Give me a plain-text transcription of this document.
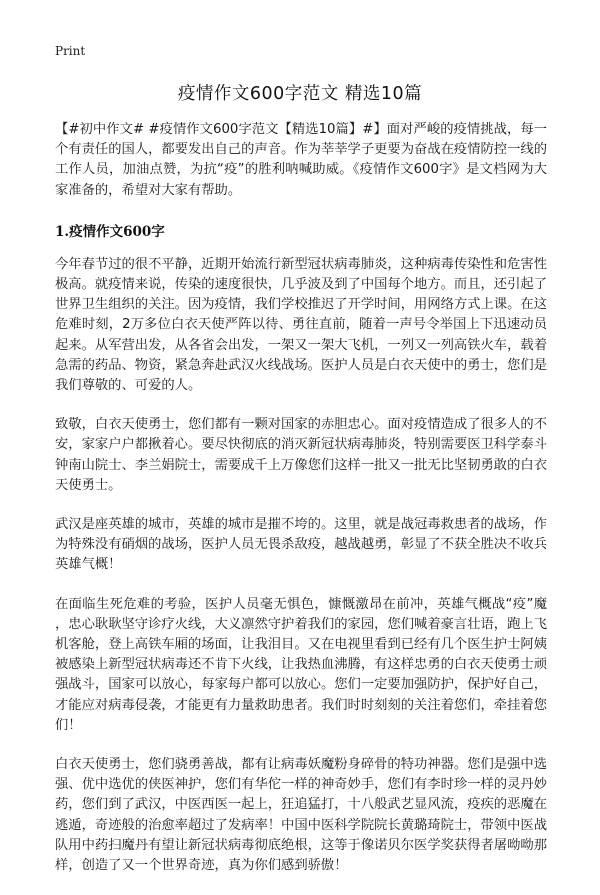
Print
疫情作文600字范文 精选10篇

【#初中作文# #疫情作文600字范文【精选10篇】#】面对严峻的疫情挑战，每一个有责任的国人，都要发出自己的声音。作为莘莘学子更要为奋战在疫情防控一线的工作人员，加油点赞，为抗“疫”的胜利呐喊助威。《疫情作文600字》是文档网为大家准备的，希望对大家有帮助。

1.疫情作文600字

今年春节过的很不平静，近期开始流行新型冠状病毒肺炎，这种病毒传染性和危害性极高。就疫情来说，传染的速度很快，几乎波及到了中国每个地方。而且，还引起了世界卫生组织的关注。因为疫情，我们学校推迟了开学时间，用网络方式上课。在这危难时刻，2万多位白衣天使严阵以待、勇往直前，随着一声号令举国上下迅速动员起来。从军营出发，从各省会出发，一架又一架大飞机，一列又一列高铁火车，载着急需的药品、物资，紧急奔赴武汉火线战场。医护人员是白衣天使中的勇士，您们是我们尊敬的、可爱的人。

致敬，白衣天使勇士，您们都有一颗对国家的赤胆忠心。面对疫情造成了很多人的不安，家家户户都揪着心。要尽快彻底的消灭新冠状病毒肺炎，特别需要医卫科学泰斗钟南山院士、李兰娟院士，需要成千上万像您们这样一批又一批无比坚韧勇敢的白衣天使勇士。

武汉是座英雄的城市，英雄的城市是摧不垮的。这里，就是战冠毒救患者的战场，作为特殊没有硝烟的战场，医护人员无畏杀敌疫，越战越勇，彰显了不获全胜决不收兵英雄气概！

在面临生死危难的考验，医护人员毫无惧色，慷慨激昂在前冲，英雄气概战“疫”魔，忠心耿耿坚守诊疗火线，大义凛然守护着我们的家园，您们喊着豪言壮语，跑上飞机客舱，登上高铁车厢的场面，让我泪目。又在电视里看到已经有几个医生护士阿姨被感染上新型冠状病毒还不肯下火线，让我热血沸腾，有这样忠勇的白衣天使勇士顽强战斗，国家可以放心，每家每户都可以放心。您们一定要加强防护，保护好自己，才能应对病毒侵袭，才能更有力量救助患者。我们时时刻刻的关注着您们，牵挂着您们！

白衣天使勇士，您们骁勇善战，都有让病毒妖魔粉身碎骨的特功神器。您们是强中选强、优中选优的侠医神护，您们有华佗一样的神奇妙手，您们有李时珍一样的灵丹妙药，您们到了武汉，中医西医一起上，狂追猛打，十八般武艺显风流，疫疾的恶魔在逃遁，奇迹般的治愈率超过了发病率！中国中医科学院院长黄璐琦院士，带领中医战队用中药扫魔丹有望让新冠状病毒彻底绝根，这等于像诺贝尔医学奖获得者屠呦呦那样，创造了又一个世界奇迹，真为你们感到骄傲！
